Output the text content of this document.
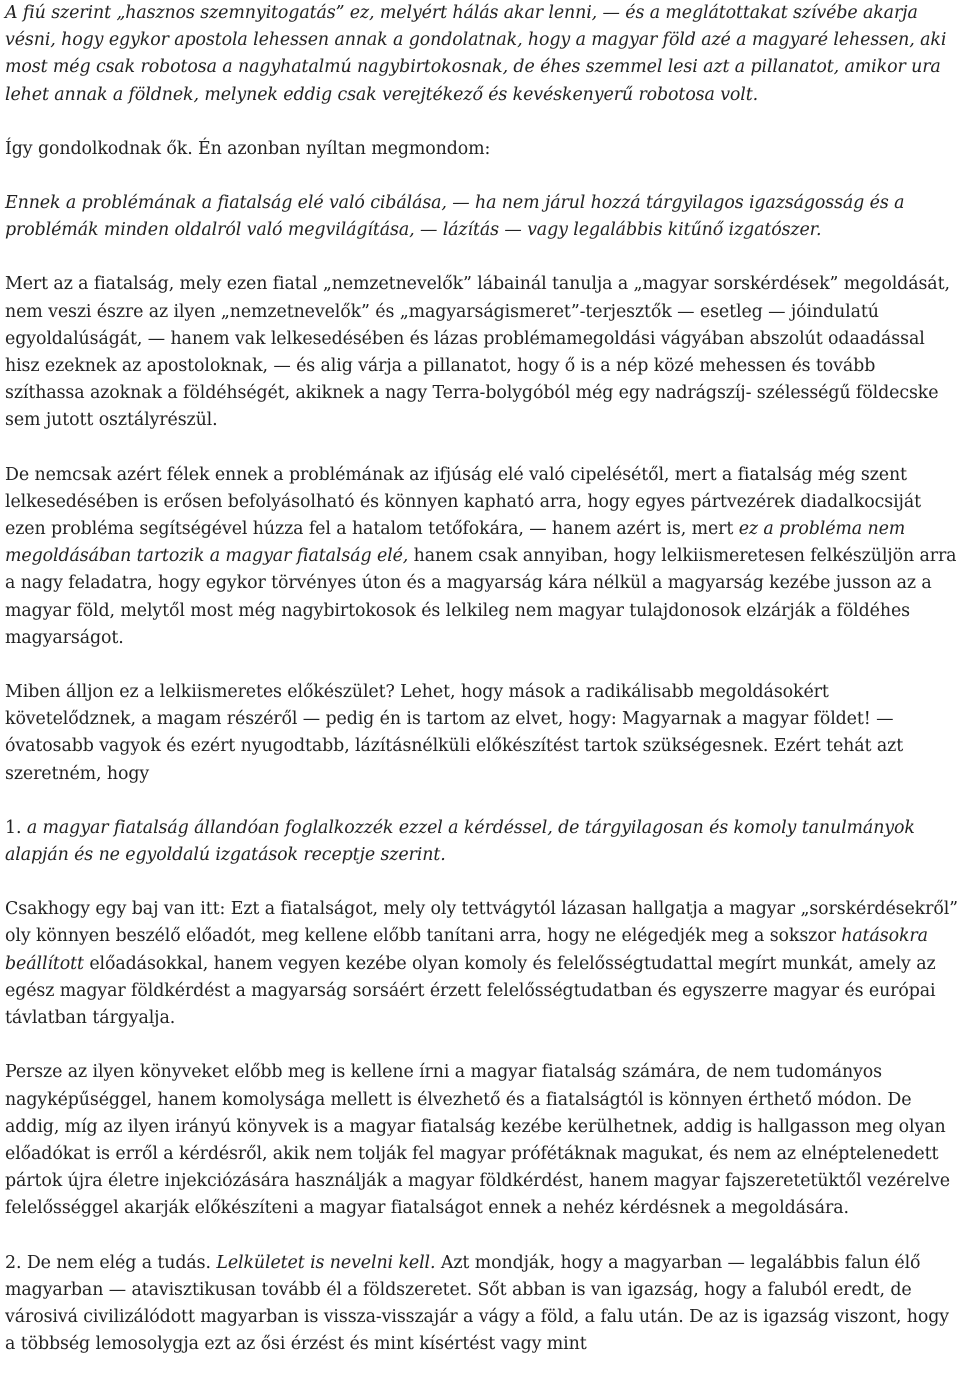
A fiú szerint „hasznos szemnyitogatás” ez, melyért hálás akar lenni, — és a meglátottakat szívébe akarja vésni, hogy egykor apostola lehessen annak a gondolatnak, hogy a magyar föld azé a magyaré lehessen, aki most még csak robotosa a nagyhatalmú nagybirtokosnak, de éhes szemmel lesi azt a pillanatot, amikor ura lehet annak a földnek, melynek eddig csak verejtékező és kevéskenyerű robotosa volt.

Így gondolkodnak ők. Én azonban nyíltan megmondom:

Ennek a problémának a fiatalság elé való cibálása, — ha nem járul hozzá tárgyilagos igazságosság és a problémák minden oldalról való megvilágítása, — lázítás — vagy legalábbis kitűnő izgatószer.

Mert az a fiatalság, mely ezen fiatal „nemzetnevelők” lábainál tanulja a „magyar sorskérdések” megoldását, nem veszi észre az ilyen „nemzetnevelők” és „magyarságismeret”-terjesztők — esetleg — jóindulatú egyoldalúságát, — hanem vak lelkesedésében és lázas problémamegoldási vágyában abszolút odaadással hisz ezeknek az apostoloknak, — és alig várja a pillanatot, hogy ő is a nép közé mehessen és tovább szíthassa azoknak a földéhségét, akiknek a nagy Terra-bolygóból még egy nadrágszíj- szélességű földecske sem jutott osztályrészül.

De nemcsak azért félek ennek a problémának az ifjúság elé való cipelésétől, mert a fiatalság még szent lelkesedésében is erősen befolyásolható és könnyen kapható arra, hogy egyes pártvezérek diadalkocsiját ezen probléma segítségével húzza fel a hatalom tetőfokára, — hanem azért is, mert ez a probléma nem megoldásában tartozik a magyar fiatalság elé, hanem csak annyiban, hogy lelkiismeretesen felkészüljön arra a nagy feladatra, hogy egykor törvényes úton és a magyarság kára nélkül a magyarság kezébe jusson az a magyar föld, melytől most még nagybirtokosok és lelkileg nem magyar tulajdonosok elzárják a földéhes magyarságot.

Miben álljon ez a lelkiismeretes előkészület? Lehet, hogy mások a radikálisabb megoldásokért követelődznek, a magam részéről — pedig én is tartom az elvet, hogy: Magyarnak a magyar földet! — óvatosabb vagyok és ezért nyugodtabb, lázításnélküli előkészítést tartok szükségesnek. Ezért tehát azt szeretném, hogy

1. a magyar fiatalság állandóan foglalkozzék ezzel a kérdéssel, de tárgyilagosan és komoly tanulmányok alapján és ne egyoldalú izgatások receptje szerint.

Csakhogy egy baj van itt: Ezt a fiatalságot, mely oly tettvágytól lázasan hallgatja a magyar „sorskérdésekről” oly könnyen beszélő előadót, meg kellene előbb tanítani arra, hogy ne elégedjék meg a sokszor hatásokra beállított előadásokkal, hanem vegyen kezébe olyan komoly és felelősségtudattal megírt munkát, amely az egész magyar földkérdést a magyarság sorsáért érzett felelősségtudatban és egyszerre magyar és európai távlatban tárgyalja.

Persze az ilyen könyveket előbb meg is kellene írni a magyar fiatalság számára, de nem tudományos nagyképűséggel, hanem komolysága mellett is élvezhető és a fiatalságtól is könnyen érthető módon. De addig, míg az ilyen irányú könyvek is a magyar fiatalság kezébe kerülhetnek, addig is hallgasson meg olyan előadókat is erről a kérdésről, akik nem tolják fel magyar prófétáknak magukat, és nem az elnéptelenedett pártok újra életre injekciózására használják a magyar földkérdést, hanem magyar fajszeretetüktől vezérelve felelősséggel akarják előkészíteni a magyar fiatalságot ennek a nehéz kérdésnek a megoldására.

2. De nem elég a tudás. Lelkületet is nevelni kell. Azt mondják, hogy a magyarban — legalábbis falun élő magyarban — atavisztikusan tovább él a földszeretet. Sőt abban is van igazság, hogy a faluból eredt, de városivá civilizálódott magyarban is vissza-visszajár a vágy a föld, a falu után. De az is igazság viszont, hogy a többség lemosolygja ezt az ősi érzést és mint kísértést vagy mint
